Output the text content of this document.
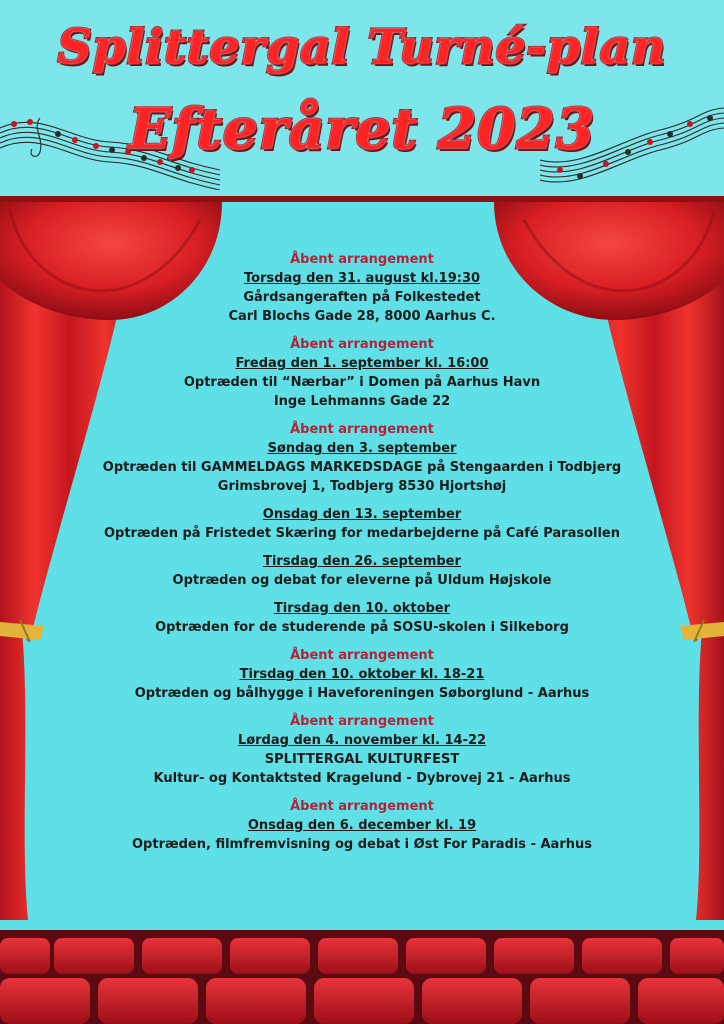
Splittergal Turné-plan
Efteråret 2023
Åbent arrangement
Torsdag den 31. august kl.19:30
Gårdsangeraften på Folkestedet
Carl Blochs Gade 28, 8000 Aarhus C.
Åbent arrangement
Fredag den 1. september kl. 16:00
Optræden til “Nærbar” i Domen på Aarhus Havn
Inge Lehmanns Gade 22
Åbent arrangement
Søndag den 3. september
Optræden til GAMMELDAGS MARKEDSDAGE på Stengaarden i Todbjerg
Grimsbrovej 1, Todbjerg 8530 Hjortshøj
Onsdag den 13. september
Optræden på Fristedet Skæring for medarbejderne på Café Parasollen
Tirsdag den 26. september
Optræden og debat for eleverne på Uldum Højskole
Tirsdag den 10. oktober
Optræden for de studerende på SOSU-skolen i Silkeborg
Åbent arrangement
Tirsdag den 10. oktober kl. 18-21
Optræden og bålhygge i Haveforeningen Søborglund - Aarhus
Åbent arrangement
Lørdag den 4. november kl. 14-22
SPLITTERGAL KULTURFEST
Kultur- og Kontaktsted Kragelund - Dybrovej 21 - Aarhus
Åbent arrangement
Onsdag den 6. december kl. 19
Optræden, filmfremvisning og debat i Øst For Paradis - Aarhus
